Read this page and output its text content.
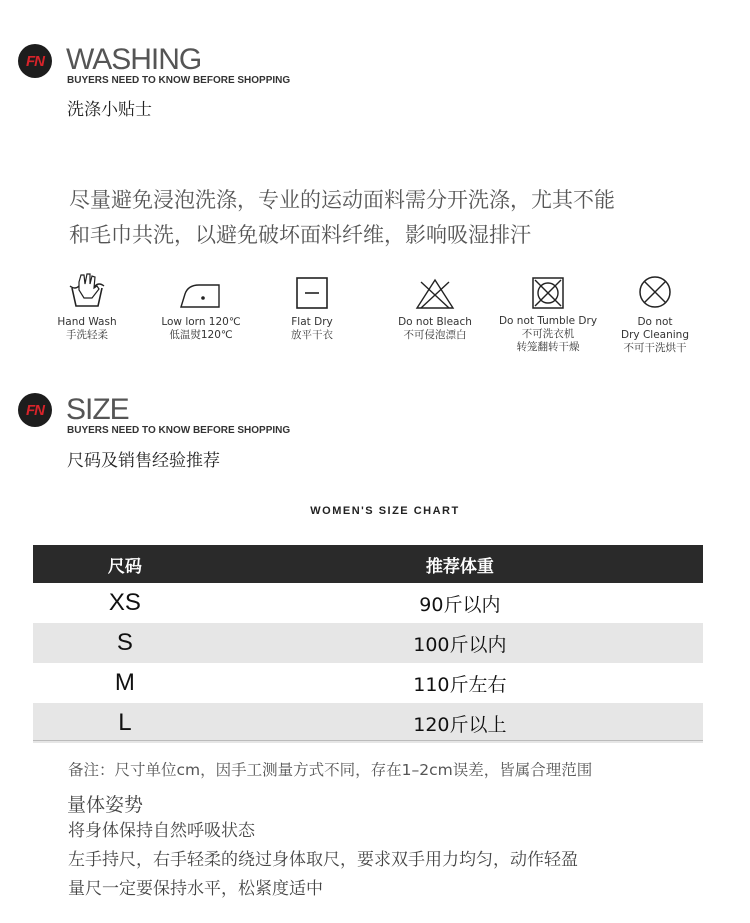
FN WASHING
BUYERS NEED TO KNOW BEFORE SHOPPING
洗涤小贴士
尽量避免浸泡洗涤，专业的运动面料需分开洗涤，尤其不能
和毛巾共洗，以避免破坏面料纤维，影响吸湿排汗
Hand Wash
手洗轻柔
Low lorn 120℃
低温熨120℃
Flat Dry
放平干衣
Do not Bleach
不可侵泡漂白
Do not Tumble Dry
不可洗衣机
转笼翻转干燥
Do not
Dry Cleaning
不可干洗烘干
FN SIZE
BUYERS NEED TO KNOW BEFORE SHOPPING
尺码及销售经验推荐
WOMEN'S SIZE CHART
尺码	推荐体重
XS	90斤以内
S	100斤以内
M	110斤左右
L	120斤以上
备注：尺寸单位cm，因手工测量方式不同，存在1–2cm误差，皆属合理范围
量体姿势
将身体保持自然呼吸状态
左手持尺，右手轻柔的绕过身体取尺，要求双手用力均匀，动作轻盈
量尺一定要保持水平，松紧度适中
